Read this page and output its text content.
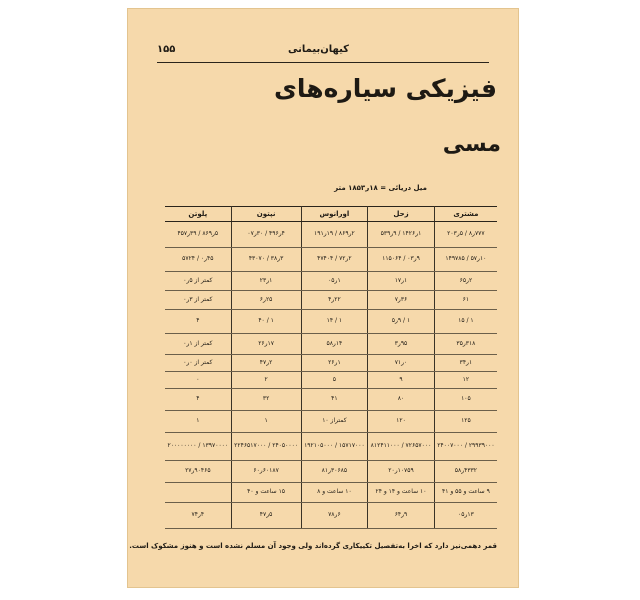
کیهان‌بیمانی
۱۵۵
فیزیکی سیاره‌های
مسی
میل دریائی = ۱۸ر۱۸۵۳ متر
مشتری	زحل	اورانوس	نپتون	پلوتن
۷۷۷ر۸ / ۵ر۲۰۳	۱ر۱۴۲۶ / ۹ر۵۳۹	۲ر۸۶۹ / ۱۹ر۱۹۱	۴ر۴۹۶ / ۳۰ر۰۷	۵ر۸۶۹ / ۳۹ر۴۵۷
۱۰ر۵۷ / ۱۴۹۷۸۵	۹ر۰۳ / ۱۱۵۰۶۴	۲ر۷۲ / ۴۷۴۰۴	۳ر۳۸ / ۴۳۰۷۰	۴۵ر۰ / ۵۷۲۴
۲ر۶۵	۱ر۱۷	۱ر۰۵	۱ر۲۳	کمتر از ۵ر۰
۶۱	۳۶ر۷	۲۲ر۴	۲۵ر۶	کمتر از ۳ر۰
۱ / ۱۵	۱ / ۹ر۵	۱ / ۱۴	۱ / ۴۰	۴
۳۱۸ر۳۵	۹۵ر۳	۱۴ر۵۸	۱۷ر۲۶	کمتر از ۱ر۰
۱ر۳۴	۰ر۷۱	۱ر۲۶	۲ر۴۷	کمتر از ۰ر۰
۱۲	۹	۵	۲	۰
۱۰۵	۸۰	۴۱	۳۲	۴
۱۲۵	۱۲۰	کمتراز ۱۰	۱	۱
۲۹۹۳۹۰۰۰ / ۲۴۰۰۷۰۰۰	۷۲۶۵۷۰۰۰ / ۸۱۲۴۱۱۰۰۰	۱۵۷۱۷۰۰۰ / ۱۹۲۱۰۵۰۰۰	۲۴۰۵۰۰۰۰ / ۲۲۴۶۵۱۷۰۰۰	۱۳۹۷۰۰۰۰ / ۲۰۰۰۰۰۰۰۰
۴۳۳۲ر۵۸	۱۰۷۵۹ر۲۰	۳۰۶۸۵ر۸۱	۶۰۱۸۷ر۶۰	۹۰۴۶۵ر۲۷
۹ ساعت و ۵۵ و ۴۱	۱۰ ساعت و ۱۴ و ۲۴	۱۰ ساعت و ۸	۱۵ ساعت و ۴۰	
۱۳ر۰۵	۹ر۶۴	۶ر۷۸	۵ر۴۷	۴ر۷۴
قمر دهمی‌نیز دارد که اخرا به‌تفصیل تکییکاری گرده‌اند ولی وجود آن مسلم نشده است و هنوز مشکوک است.
